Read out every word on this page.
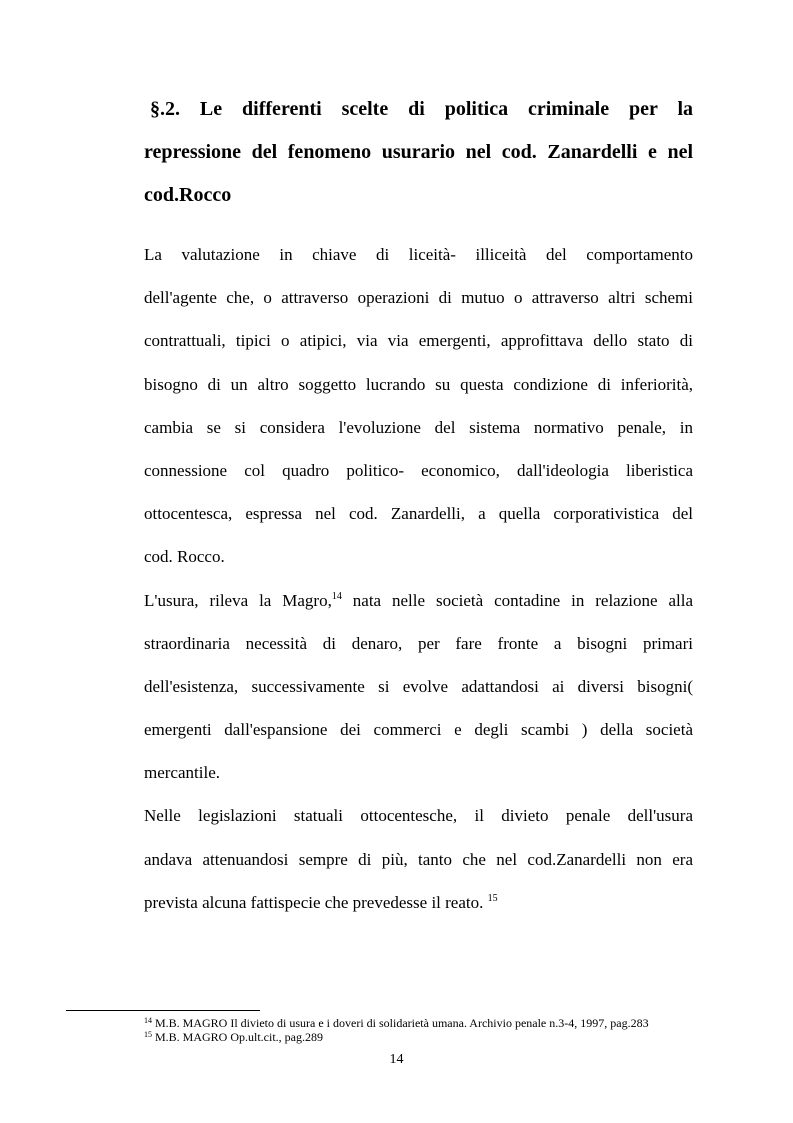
§.2. Le differenti scelte di politica criminale per la
repressione del fenomeno usurario nel cod. Zanardelli e nel
cod.Rocco
La valutazione in chiave di liceità- illiceità del comportamento
dell'agente che, o attraverso operazioni di mutuo o attraverso altri schemi
contrattuali, tipici o atipici, via via emergenti, approfittava dello stato di
bisogno di un altro soggetto lucrando su questa condizione di inferiorità,
cambia se si considera l'evoluzione del sistema normativo penale, in
connessione col quadro politico- economico, dall'ideologia liberistica
ottocentesca, espressa nel cod. Zanardelli, a quella corporativistica del
cod. Rocco.
L'usura, rileva la Magro,$^{14}$ nata nelle società contadine in relazione alla
straordinaria necessità di denaro, per fare fronte a bisogni primari
dell'esistenza, successivamente si evolve adattandosi ai diversi bisogni(
emergenti dall'espansione dei commerci e degli scambi ) della società
mercantile.
Nelle legislazioni statuali ottocentesche, il divieto penale dell'usura
andava attenuandosi sempre di più, tanto che nel cod.Zanardelli non era
prevista alcuna fattispecie che prevedesse il reato. $^{15}$
$^{14}$ M.B. MAGRO Il divieto di usura e i doveri di solidarietà umana. Archivio penale n.3-4, 1997, pag.283
$^{15}$ M.B. MAGRO Op.ult.cit., pag.289
14
